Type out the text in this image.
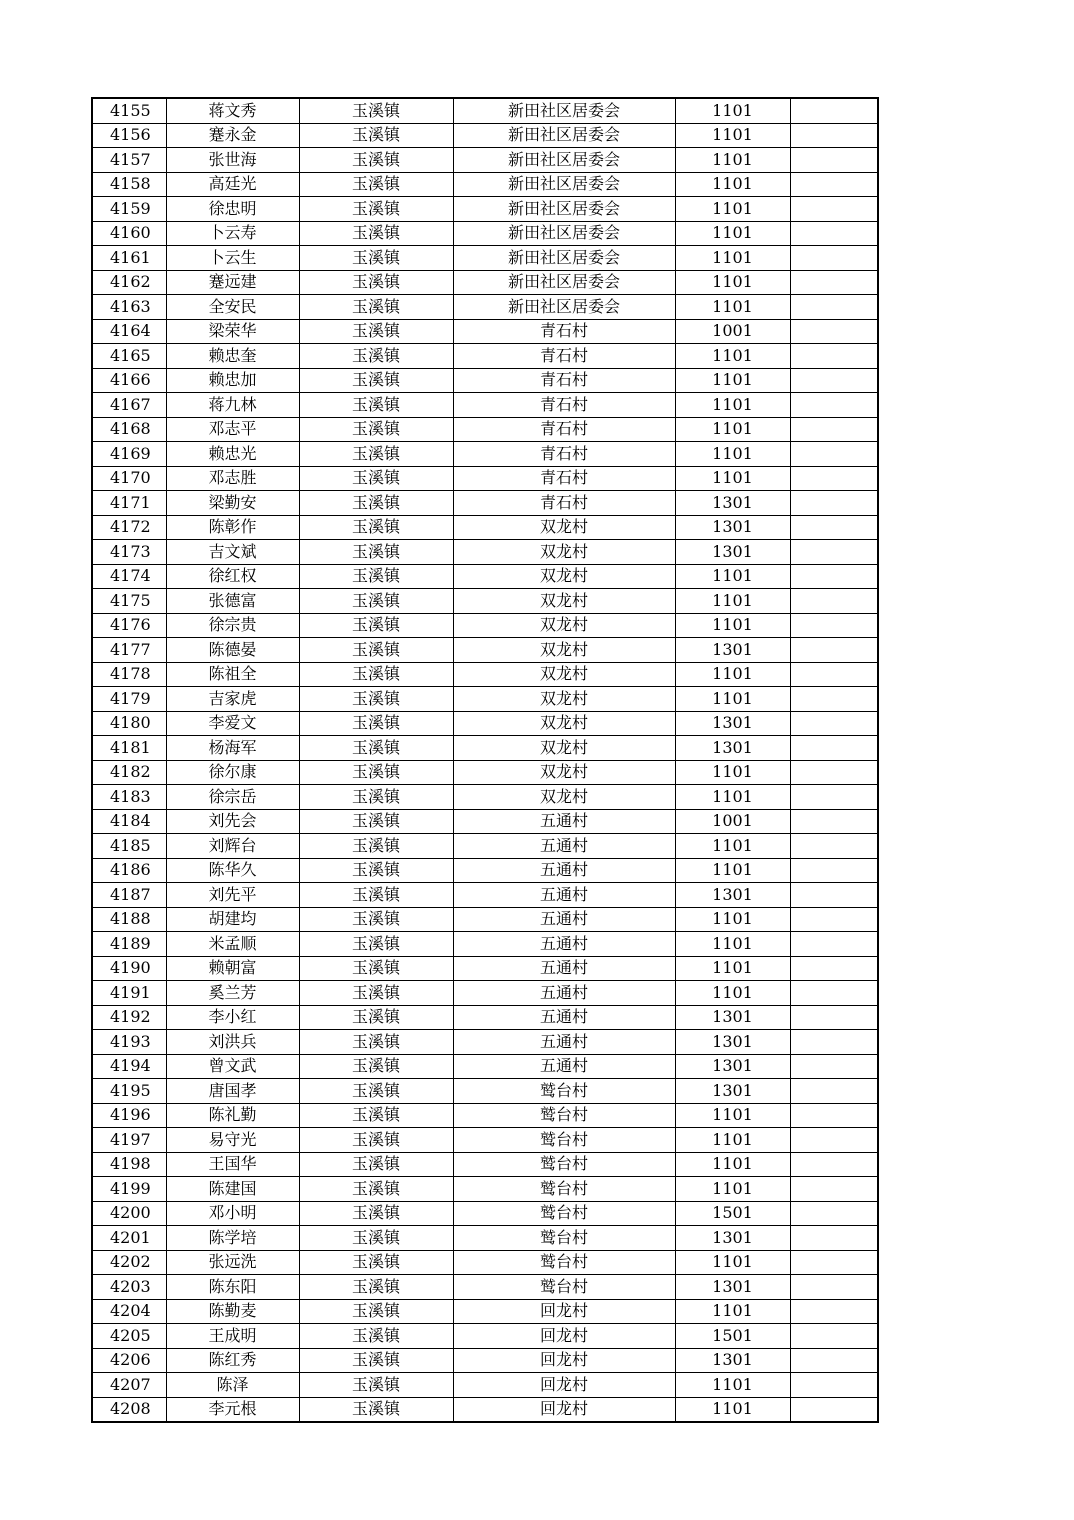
4155	蒋文秀	玉溪镇	新田社区居委会	1101	
4156	蹇永金	玉溪镇	新田社区居委会	1101	
4157	张世海	玉溪镇	新田社区居委会	1101	
4158	高廷光	玉溪镇	新田社区居委会	1101	
4159	徐忠明	玉溪镇	新田社区居委会	1101	
4160	卜云寿	玉溪镇	新田社区居委会	1101	
4161	卜云生	玉溪镇	新田社区居委会	1101	
4162	蹇远建	玉溪镇	新田社区居委会	1101	
4163	全安民	玉溪镇	新田社区居委会	1101	
4164	梁荣华	玉溪镇	青石村	1001	
4165	赖忠奎	玉溪镇	青石村	1101	
4166	赖忠加	玉溪镇	青石村	1101	
4167	蒋九林	玉溪镇	青石村	1101	
4168	邓志平	玉溪镇	青石村	1101	
4169	赖忠光	玉溪镇	青石村	1101	
4170	邓志胜	玉溪镇	青石村	1101	
4171	梁勤安	玉溪镇	青石村	1301	
4172	陈彰作	玉溪镇	双龙村	1301	
4173	吉文斌	玉溪镇	双龙村	1301	
4174	徐红权	玉溪镇	双龙村	1101	
4175	张德富	玉溪镇	双龙村	1101	
4176	徐宗贵	玉溪镇	双龙村	1101	
4177	陈德晏	玉溪镇	双龙村	1301	
4178	陈祖全	玉溪镇	双龙村	1101	
4179	吉家虎	玉溪镇	双龙村	1101	
4180	李爱文	玉溪镇	双龙村	1301	
4181	杨海军	玉溪镇	双龙村	1301	
4182	徐尔康	玉溪镇	双龙村	1101	
4183	徐宗岳	玉溪镇	双龙村	1101	
4184	刘先会	玉溪镇	五通村	1001	
4185	刘辉台	玉溪镇	五通村	1101	
4186	陈华久	玉溪镇	五通村	1101	
4187	刘先平	玉溪镇	五通村	1301	
4188	胡建均	玉溪镇	五通村	1101	
4189	米孟顺	玉溪镇	五通村	1101	
4190	赖朝富	玉溪镇	五通村	1101	
4191	奚兰芳	玉溪镇	五通村	1101	
4192	李小红	玉溪镇	五通村	1301	
4193	刘洪兵	玉溪镇	五通村	1301	
4194	曾文武	玉溪镇	五通村	1301	
4195	唐国孝	玉溪镇	鹫台村	1301	
4196	陈礼勤	玉溪镇	鹫台村	1101	
4197	易守光	玉溪镇	鹫台村	1101	
4198	王国华	玉溪镇	鹫台村	1101	
4199	陈建国	玉溪镇	鹫台村	1101	
4200	邓小明	玉溪镇	鹫台村	1501	
4201	陈学培	玉溪镇	鹫台村	1301	
4202	张远洗	玉溪镇	鹫台村	1101	
4203	陈东阳	玉溪镇	鹫台村	1301	
4204	陈勤麦	玉溪镇	回龙村	1101	
4205	王成明	玉溪镇	回龙村	1501	
4206	陈红秀	玉溪镇	回龙村	1301	
4207	陈泽	玉溪镇	回龙村	1101	
4208	李元根	玉溪镇	回龙村	1101	
